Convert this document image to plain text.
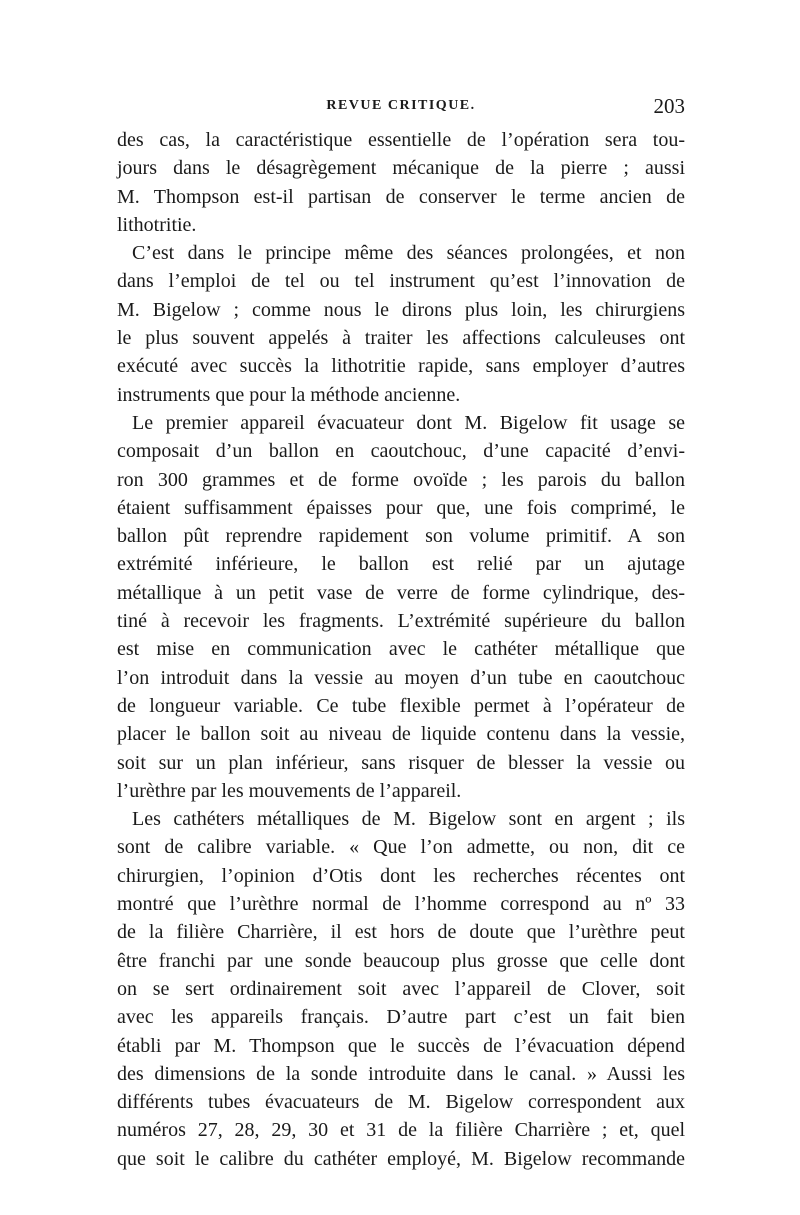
REVUE CRITIQUE.	203
des cas, la caractéristique essentielle de l’opération sera tou-
jours dans le désagrègement mécanique de la pierre ; aussi
M. Thompson est-il partisan de conserver le terme ancien de
lithotritie.
C’est dans le principe même des séances prolongées, et non
dans l’emploi de tel ou tel instrument qu’est l’innovation de
M. Bigelow ; comme nous le dirons plus loin, les chirurgiens
le plus souvent appelés à traiter les affections calculeuses ont
exécuté avec succès la lithotritie rapide, sans employer d’autres
instruments que pour la méthode ancienne.
Le premier appareil évacuateur dont M. Bigelow fit usage se
composait d’un ballon en caoutchouc, d’une capacité d’envi-
ron 300 grammes et de forme ovoïde ; les parois du ballon
étaient suffisamment épaisses pour que, une fois comprimé, le
ballon pût reprendre rapidement son volume primitif. A son
extrémité inférieure, le ballon est relié par un ajutage
métallique à un petit vase de verre de forme cylindrique, des-
tiné à recevoir les fragments. L’extrémité supérieure du ballon
est mise en communication avec le cathéter métallique que
l’on introduit dans la vessie au moyen d’un tube en caoutchouc
de longueur variable. Ce tube flexible permet à l’opérateur de
placer le ballon soit au niveau de liquide contenu dans la vessie,
soit sur un plan inférieur, sans risquer de blesser la vessie ou
l’urèthre par les mouvements de l’appareil.
Les cathéters métalliques de M. Bigelow sont en argent ; ils
sont de calibre variable. « Que l’on admette, ou non, dit ce
chirurgien, l’opinion d’Otis dont les recherches récentes ont
montré que l’urèthre normal de l’homme correspond au nº 33
de la filière Charrière, il est hors de doute que l’urèthre peut
être franchi par une sonde beaucoup plus grosse que celle dont
on se sert ordinairement soit avec l’appareil de Clover, soit
avec les appareils français. D’autre part c’est un fait bien
établi par M. Thompson que le succès de l’évacuation dépend
des dimensions de la sonde introduite dans le canal. » Aussi les
différents tubes évacuateurs de M. Bigelow correspondent aux
numéros 27, 28, 29, 30 et 31 de la filière Charrière ; et, quel
que soit le calibre du cathéter employé, M. Bigelow recommande
